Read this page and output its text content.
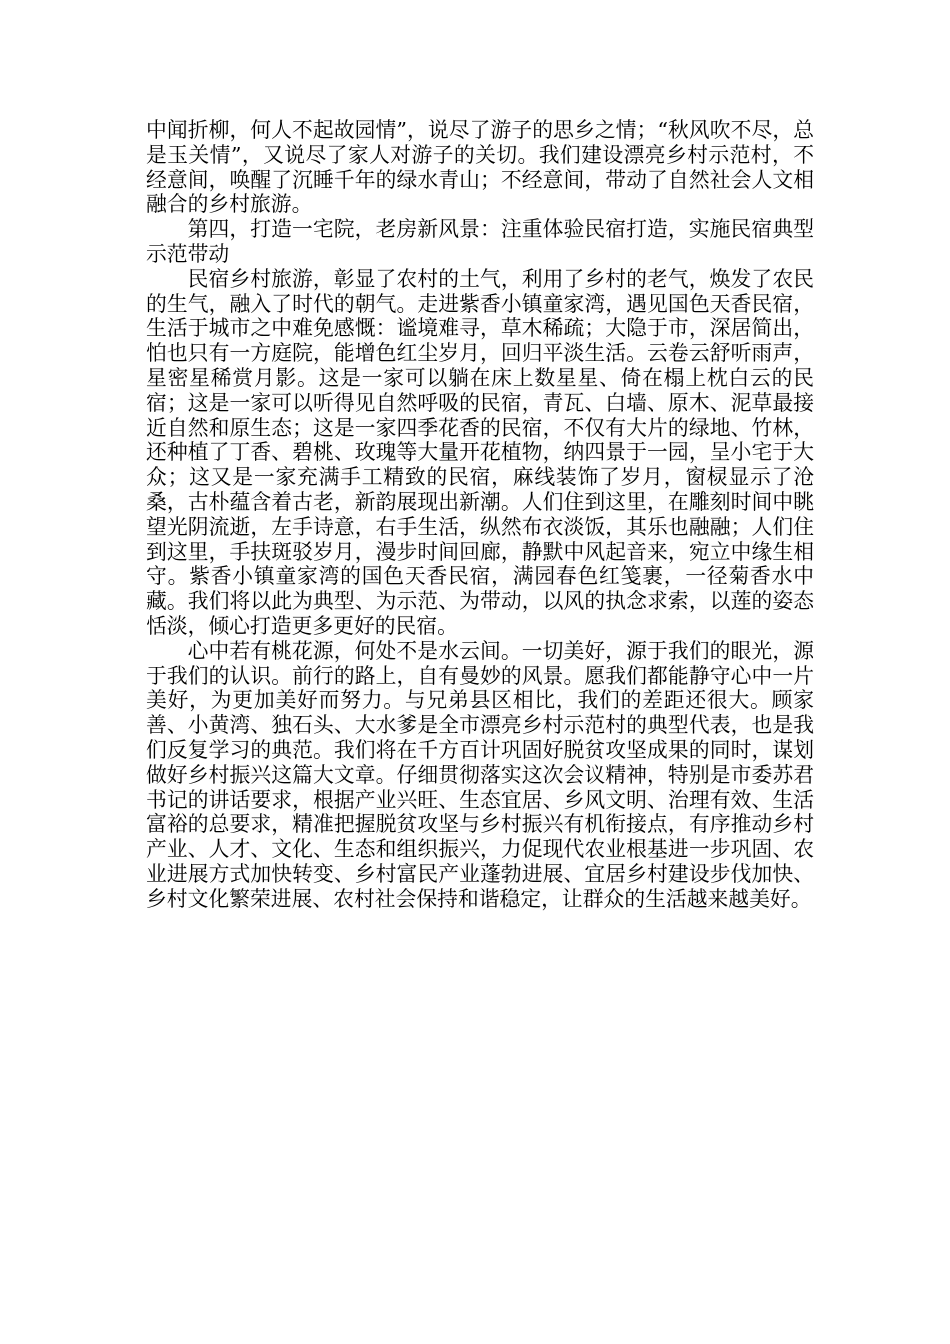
中闻折柳，何人不起故园情”，说尽了游子的思乡之情；“秋风吹不尽，总是玉关情”，又说尽了家人对游子的关切。我们建设漂亮乡村示范村，不经意间，唤醒了沉睡千年的绿水青山；不经意间，带动了自然社会人文相融合的乡村旅游。

第四，打造一宅院，老房新风景：注重体验民宿打造，实施民宿典型示范带动

民宿乡村旅游，彰显了农村的土气，利用了乡村的老气，焕发了农民的生气，融入了时代的朝气。走进紫香小镇童家湾，遇见国色天香民宿，生活于城市之中难免感慨：谧境难寻，草木稀疏；大隐于市，深居简出，怕也只有一方庭院，能增色红尘岁月，回归平淡生活。云卷云舒听雨声，星密星稀赏月影。这是一家可以躺在床上数星星、倚在榻上枕白云的民宿；这是一家可以听得见自然呼吸的民宿，青瓦、白墙、原木、泥草最接近自然和原生态；这是一家四季花香的民宿，不仅有大片的绿地、竹林，还种植了丁香、碧桃、玫瑰等大量开花植物，纳四景于一园，呈小宅于大众；这又是一家充满手工精致的民宿，麻线装饰了岁月，窗棂显示了沧桑，古朴蕴含着古老，新韵展现出新潮。人们住到这里，在雕刻时间中眺望光阴流逝，左手诗意，右手生活，纵然布衣淡饭，其乐也融融；人们住到这里，手扶斑驳岁月，漫步时间回廊，静默中风起音来，宛立中缘生相守。紫香小镇童家湾的国色天香民宿，满园春色红笺裹，一径菊香水中藏。我们将以此为典型、为示范、为带动，以风的执念求索，以莲的姿态恬淡，倾心打造更多更好的民宿。

心中若有桃花源，何处不是水云间。一切美好，源于我们的眼光，源于我们的认识。前行的路上，自有曼妙的风景。愿我们都能静守心中一片美好，为更加美好而努力。与兄弟县区相比，我们的差距还很大。顾家善、小黄湾、独石头、大水爹是全市漂亮乡村示范村的典型代表，也是我们反复学习的典范。我们将在千方百计巩固好脱贫攻坚成果的同时，谋划做好乡村振兴这篇大文章。仔细贯彻落实这次会议精神，特别是市委苏君书记的讲话要求，根据产业兴旺、生态宜居、乡风文明、治理有效、生活富裕的总要求，精准把握脱贫攻坚与乡村振兴有机衔接点，有序推动乡村产业、人才、文化、生态和组织振兴，力促现代农业根基进一步巩固、农业进展方式加快转变、乡村富民产业蓬勃进展、宜居乡村建设步伐加快、乡村文化繁荣进展、农村社会保持和谐稳定，让群众的生活越来越美好。
